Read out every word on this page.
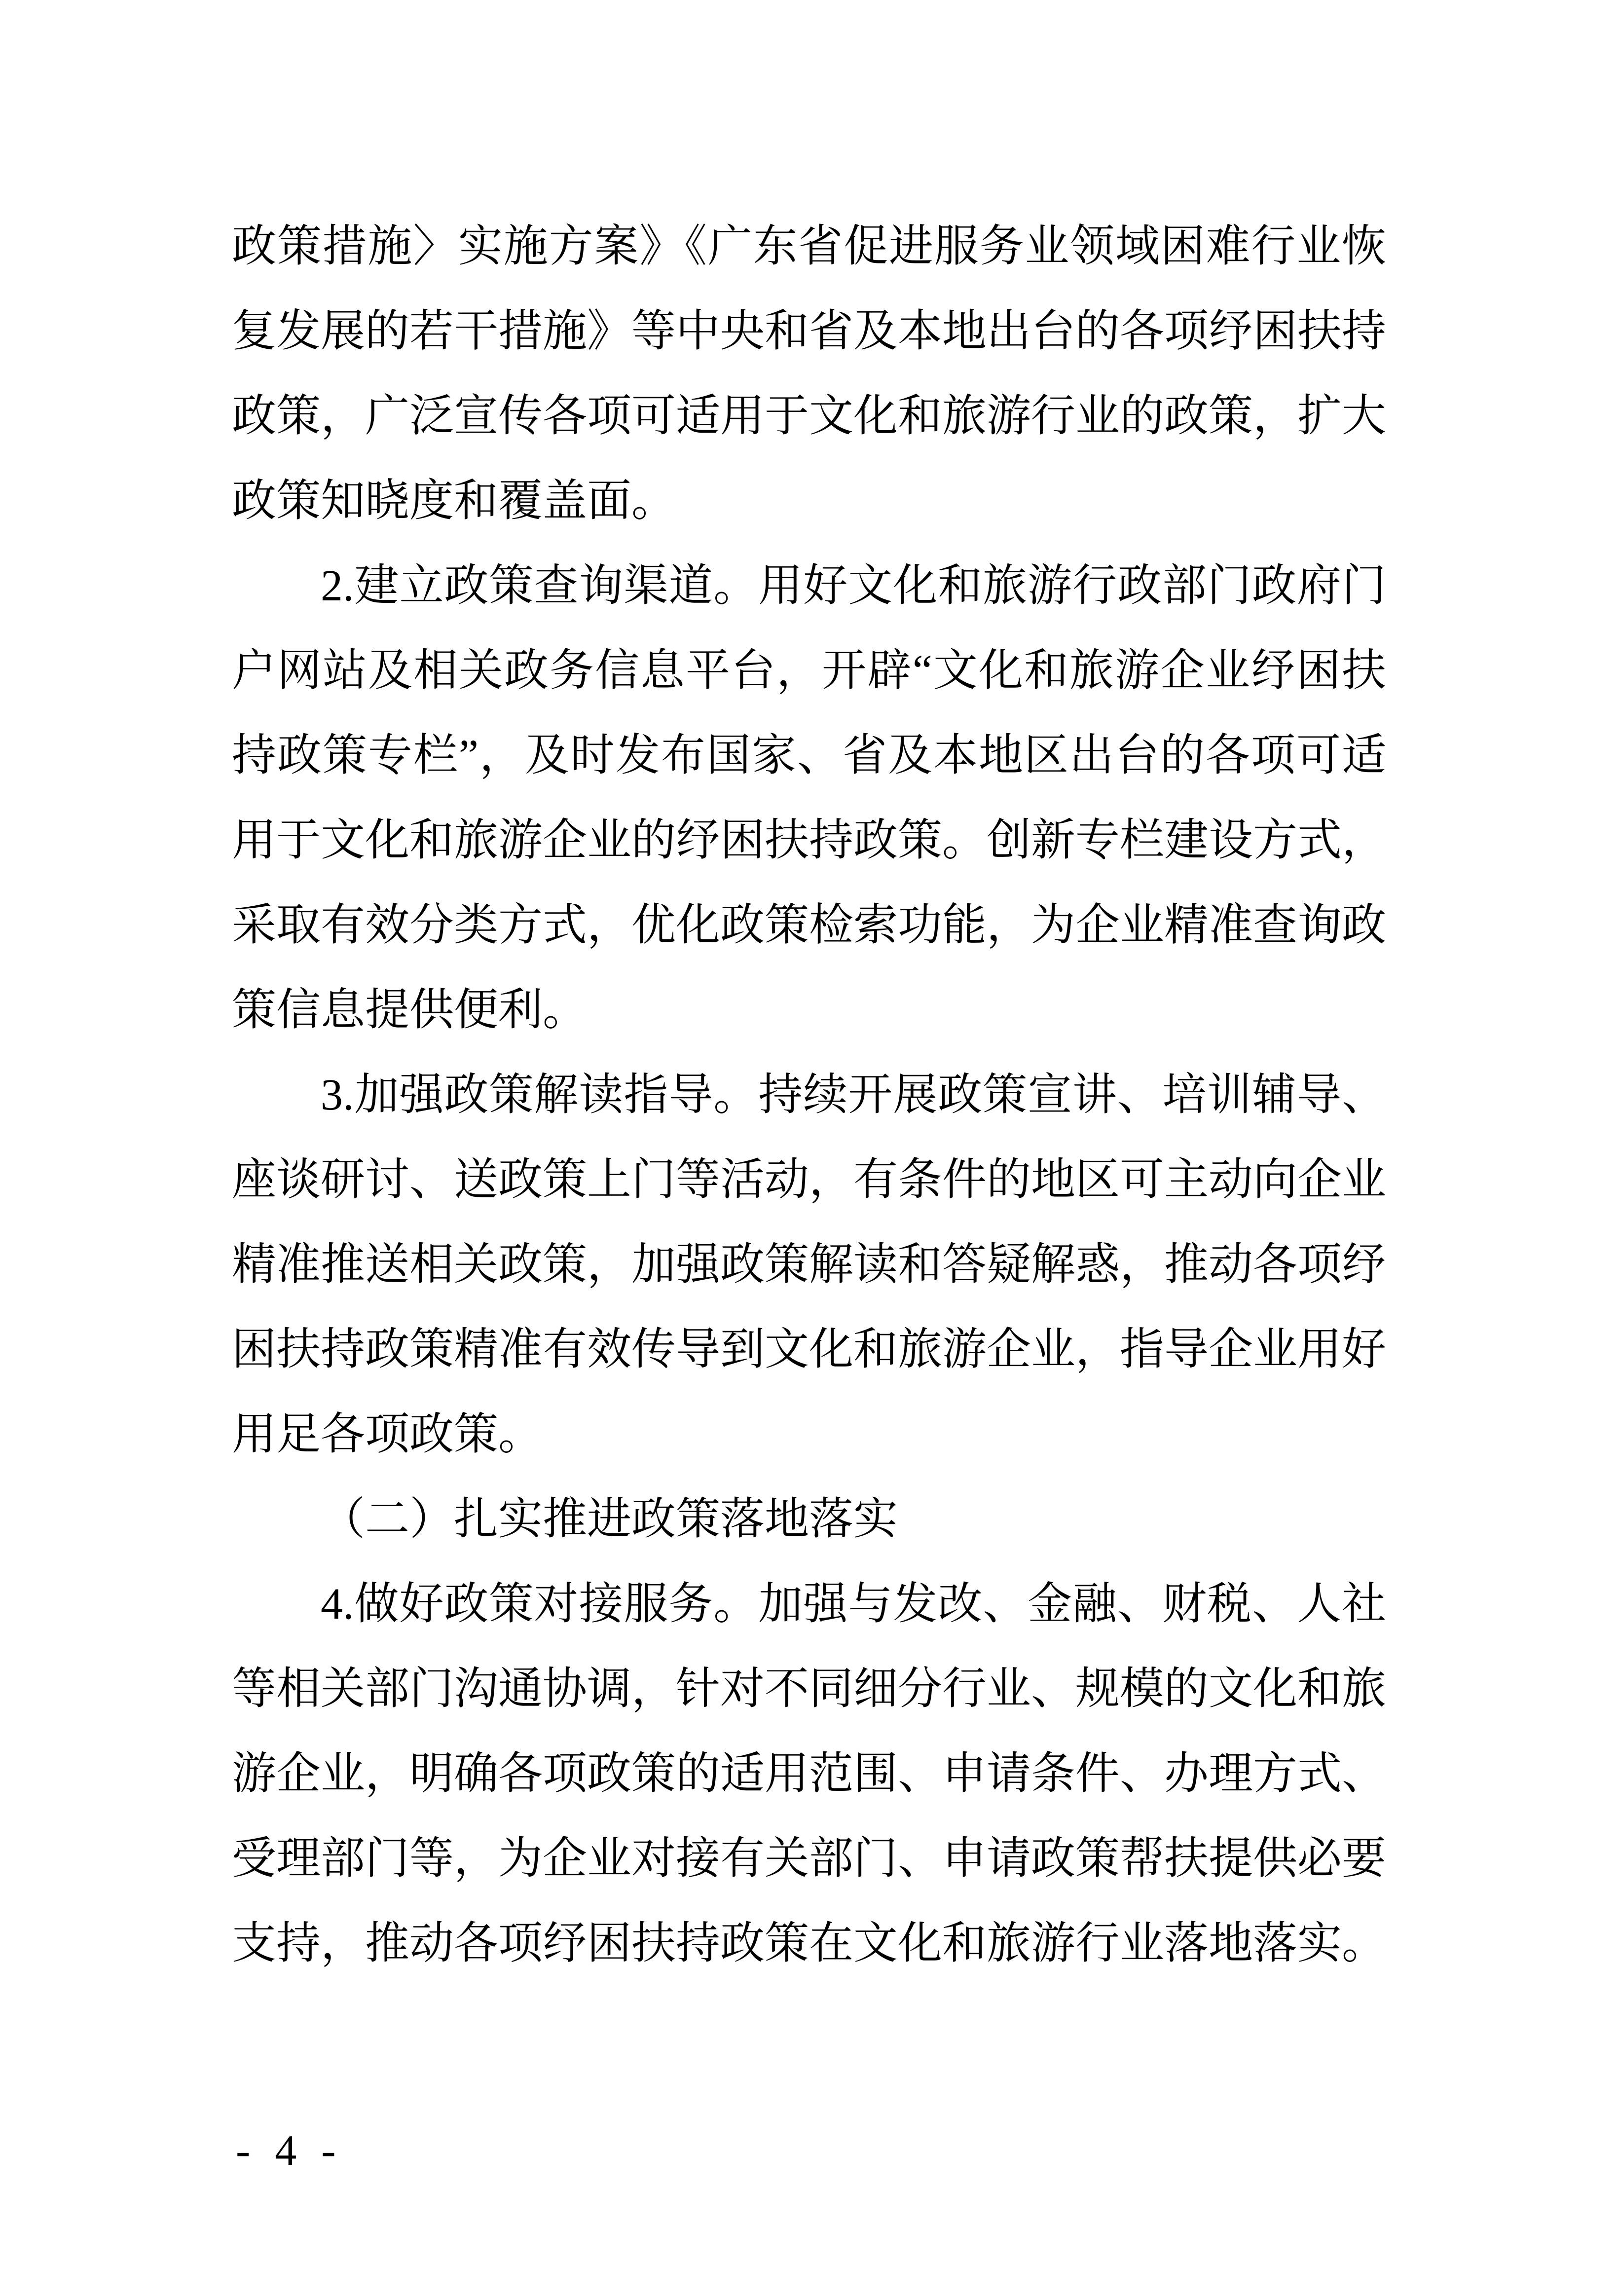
政策措施〉实施方案》《广东省促进服务业领域困难行业恢
复发展的若干措施》等中央和省及本地出台的各项纾困扶持
政策，广泛宣传各项可适用于文化和旅游行业的政策，扩大
政策知晓度和覆盖面。
2.建立政策查询渠道。用好文化和旅游行政部门政府门
户网站及相关政务信息平台，开辟“文化和旅游企业纾困扶
持政策专栏”，及时发布国家、省及本地区出台的各项可适
用于文化和旅游企业的纾困扶持政策。创新专栏建设方式，
采取有效分类方式，优化政策检索功能，为企业精准查询政
策信息提供便利。
3.加强政策解读指导。持续开展政策宣讲、培训辅导、
座谈研讨、送政策上门等活动，有条件的地区可主动向企业
精准推送相关政策，加强政策解读和答疑解惑，推动各项纾
困扶持政策精准有效传导到文化和旅游企业，指导企业用好
用足各项政策。
（二）扎实推进政策落地落实
4.做好政策对接服务。加强与发改、金融、财税、人社
等相关部门沟通协调，针对不同细分行业、规模的文化和旅
游企业，明确各项政策的适用范围、申请条件、办理方式、
受理部门等，为企业对接有关部门、申请政策帮扶提供必要
支持，推动各项纾困扶持政策在文化和旅游行业落地落实。
- 4 -
